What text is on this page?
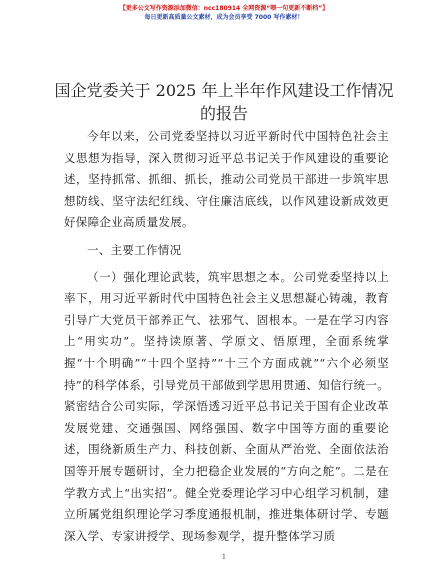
【更多公文写作资源添加微信：ncc180914 全网资源“喂一句更新不断档”】
每日更新高质量公文素材，成为会员享受 7000 写作素材！
国企党委关于 2025 年上半年作风建设工作情况
的报告

今年以来，公司党委坚持以习近平新时代中国特色社会主义思想为指导，深入贯彻习近平总书记关于作风建设的重要论述，坚持抓常、抓细、抓长，推动公司党员干部进一步筑牢思想防线、坚守法纪红线、守住廉洁底线，以作风建设新成效更好保障企业高质量发展。

一、主要工作情况

（一）强化理论武装，筑牢思想之本。公司党委坚持以上率下，用习近平新时代中国特色社会主义思想凝心铸魂，教育引导广大党员干部养正气、祛邪气、固根本。一是在学习内容上“用实功”。坚持读原著、学原文、悟原理，全面系统掌握“十个明确”“十四个坚持”“十三个方面成就”“六个必须坚持”的科学体系，引导党员干部做到学思用贯通、知信行统一。紧密结合公司实际，学深悟透习近平总书记关于国有企业改革发展党建、交通强国、网络强国、数字中国等方面的重要论述，围绕新质生产力、科技创新、全面从严治党、全面依法治国等开展专题研讨，全力把稳企业发展的“方向之舵”。二是在学教方式上“出实招”。健全党委理论学习中心组学习机制，建立所属党组织理论学习季度通报机制，推进集体研讨学、专题深入学、专家讲授学、现场参观学，提升整体学习质

1
